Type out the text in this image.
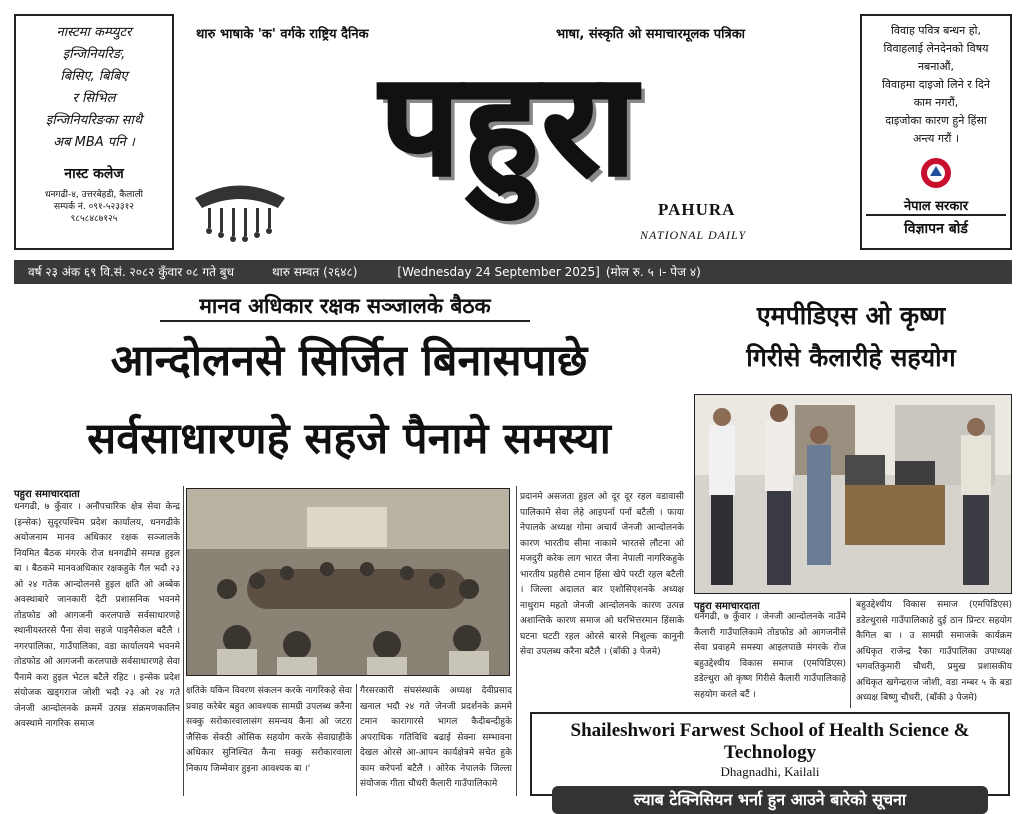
नास्टमा कम्प्युटर
इन्जिनियरिङ,
बिसिए, बिबिए
र सिभिल
इन्जिनियरिङका साथै
अब MBA पनि ।
नास्ट कलेज
धनगढी-४, उत्तरबेहडी, कैलाली
सम्पर्क नं. ०९१-५२३३१२
९८५८४८७१२५
विवाह पवित्र बन्धन हो,
विवाहलाई लेनदेनको विषय
नबनाऔं,
विवाहमा दाइजो लिने र दिने
काम नगरौं,
दाइजोका कारण हुने हिंसा
अन्त्य गरौं ।
नेपाल सरकार
विज्ञापन बोर्ड
थारु भाषाके 'क' वर्गके राष्ट्रिय दैनिक	भाषा, संस्कृति ओ समाचारमूलक पत्रिका
पहुरा
PAHURA
NATIONAL DAILY
वर्ष २३ अंक ६९ वि.सं. २०८२ कुँवार ०८ गते बुध	थारु सम्वत (२६४८)	[Wednesday 24 September 2025] (मोल रु. ५ ।- पेज ४)
मानव अधिकार रक्षक सञ्जालके बैठक
आन्दोलनसे सिर्जित बिनासपाछे
सर्वसाधारणहे सहजे पैनामे समस्या
पहुरा समाचारदाता
धनगढी, ७ कुँवार । अनौपचारिक क्षेत्र सेवा केन्द्र (इन्सेक) सुदूरपश्चिम प्रदेश कार्यालय, धनगढीके अयोजनाम मानव अधिकार रक्षक सञ्जालके नियमित बैठक मंगरके रोज धनगढीमे सम्पन्न हुइल बा । बैठकमे मानवअधिकार रक्षकहुके गैल भदौ २३ ओ २४ गतेक आन्दोलनसे हुइल क्षति ओ अब्बेक अवस्थाबारे जानकारी देटी प्रशासनिक भवनमे तोडफोड ओ आगजनी करलपाछे सर्वसाधारणहे स्थानीयस्तरसे पैना सेवा सहजे पाइनैसेकल बटैलै । नगरपालिका, गाउँपालिका, वडा कार्यालयमे भवनमे तोडफोड ओ आगजनी करलपाछे सर्वसाधारणहे सेवा पैनामे करा हुइल भेटल बटैले रहिट । इन्सेक प्रदेश संयोजक खड्गराज जोशी भदौ २३ ओ २४ गते जेनजी आन्दोलनके क्रममें उत्पन्न संक्रमणकालिन अवस्थामे नागरिक समाज
क्षतिके यकिन विवरण संकलन करके नागरिकहे सेवा प्रवाह करेबेर बहुत आवश्यक सामग्री उपलब्ध करैना सक्कु सरोकारवालासंग समन्वय कैना ओ जटरा जैसिक सेक्ठी ओसिक सहयोग करके सेवाग्राहीके अधिकार सुनिश्चित कैना सक्कु सरोकारवाला निकाय जिम्मेवार हुइना आवश्यक बा ।'
गैरसरकारी संघसंस्थाके अध्यक्ष देवीप्रसाद खनाल भदौ २४ गते जेनजी प्रदर्शनके क्रममे टमान कारागारसे भागल कैदीबन्दीहुके अपराधिक गतिविधि बढाई सेक्ना सम्भावना देखल ओरसे आ-आपन कार्यक्षेत्रमे सचेत हुके काम करेपर्ना बटैलै । ओरेक नेपालके जिल्ला संयोजक गीता चौधरी कैलारी गाउँपालिकामे
प्रदानमे असजता हुइल ओ दूर दूर रहल वडावासी पालिकामे सेवा लेहे आइपर्ना पर्ना बटैली । फाया नेपालके अध्यक्ष गोमा अचार्य जेनजी आन्दोलनके कारण भारतीय सीमा नाकामे भारतसे लौटना ओ मजदुरी करेक लाग भारत जैना नेपाली नागरिकहुके भारतीय प्रहरीसे टमान हिंसा खेपे परटी रहल बटैली । जिल्ला अदालत बार एशोसिएशनके अध्यक्ष नाथुराम महतो जेनजी आन्दोलनके कारण उत्पन्न अशान्तिके कारण समाज ओ घरभित्तरमान हिंसाके घटना घटटी रहल ओरसे बारसे निशुल्क कानुनी सेवा उपलब्ध करैना बटैलै । (बाँकी ३ पेजमे)
एमपीडिएस ओ कृष्ण
गिरीसे कैलारीहे सहयोग
पहुरा समाचारदाता
धनगढी, ७ कुँवार । जेनजी आन्दोलनके नाउँमे कैलारी गाउँपालिकामे तोडफोड ओ आगजनीसे सेवा प्रवाहमे समस्या आइलपाछे मंगरके रोज बहुउद्देश्यीय विकास समाज (एमपिडिएस) डडेल्धुरा ओ कृष्ण गिरीसे कैलारी गाउँपालिकाहे सहयोग करले बटैं ।
बहुउद्देश्यीय विकास समाज (एमपिडिएस) डडेल्धुरासे गाउँपालिकाहे दुई ठान प्रिन्टर सहयोग कैगिल बा । उ सामग्री समाजके कार्यक्रम अधिकृत राजेन्द्र रैका गाउँपालिका उपाध्यक्ष भगवतिकुमारी चौधरी, प्रमुख प्रशासकीय अधिकृत खगेन्द्रराज जोशी, वडा नम्बर ५ के बडा अध्यक्ष बिष्णु चौधरी, (बाँकी ३ पेजमे)
Shaileshwori Farwest School of Health Science & Technology
Dhagnadhi, Kailali
ल्याब टेक्निसियन भर्ना हुन आउने बारेको सूचना
